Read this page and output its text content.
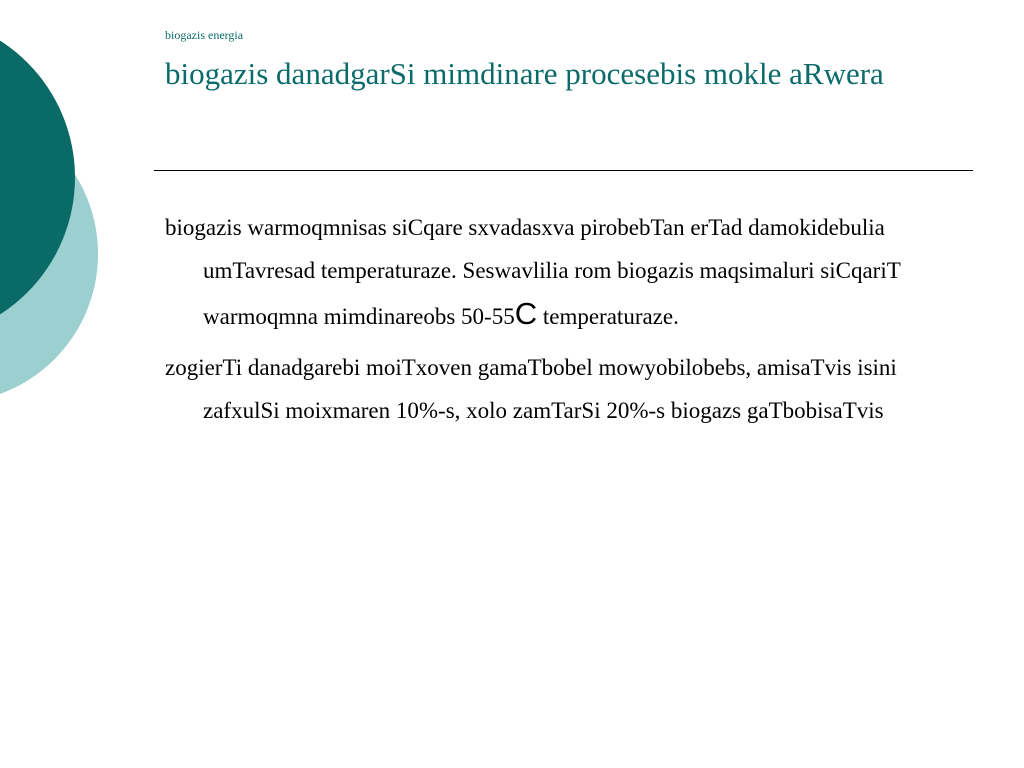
biogazis energia
biogazis danadgarSi mimdinare procesebis mokle aRwera

biogazis warmoqmnisas siCqare sxvadasxva pirobebTan erTad damokidebulia umTavresad temperaturaze. Seswavlilia rom biogazis maqsimaluri siCqariT warmoqmna mimdinareobs 50-55C temperaturaze.

zogierTi danadgarebi moiTxoven gamaTbobel mowyobilobebs, amisaTvis isini zafxulSi moixmaren 10%-s, xolo zamTarSi 20%-s biogazs gaTbobisaTvis
